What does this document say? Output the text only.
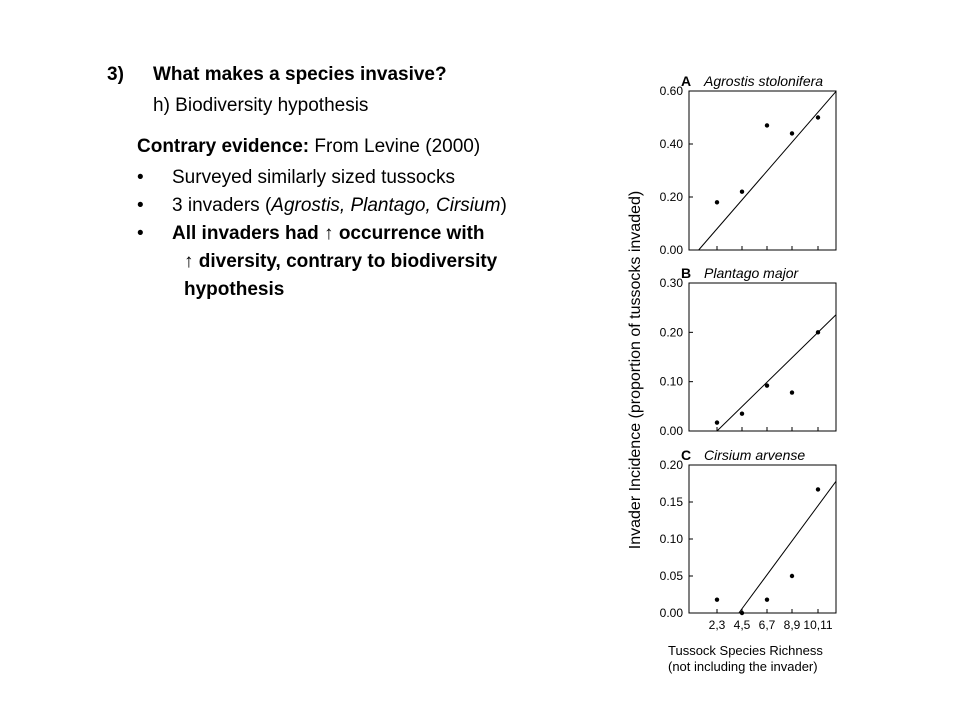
3) What makes a species invasive?
h) Biodiversity hypothesis
Contrary evidence: From Levine (2000)
• Surveyed similarly sized tussocks
• 3 invaders (Agrostis, Plantago, Cirsium)
• All invaders had ↑ occurrence with
↑ diversity, contrary to biodiversity
hypothesis
A Agrostis stolonifera
0.00
0.20
0.40
0.60
B Plantago major
0.00
0.10
0.20
0.30
C Cirsium arvense
0.00
0.05
0.10
0.15
0.20
2,3 4,5 6,7 8,9 10,11
Tussock Species Richness
(not including the invader)
Invader Incidence (proportion of tussocks invaded)
